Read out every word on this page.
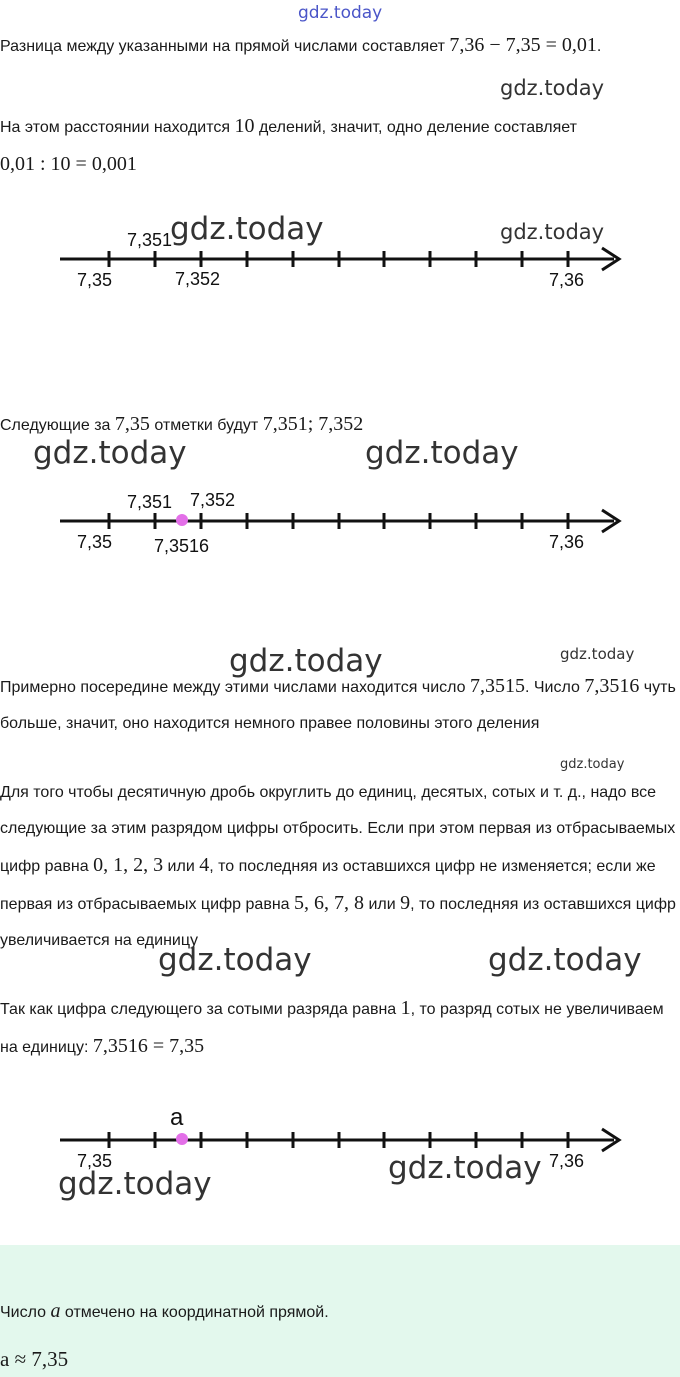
gdz.today
Разница между указанными на прямой числами составляет 7,36 − 7,35 = 0,01.
gdz.today
На этом расстоянии находится 10 делений, значит, одно деление составляет
0,01 : 10 = 0,001
7,35	7,352	7,36
7,351
gdz.today	gdz.today
Следующие за 7,35 отметки будут 7,351; 7,352
gdz.today	gdz.today
7,35 7,3516	7,36
7,351 7,352
gdz.today	gdz.today
Примерно посередине между этими числами находится число 7,3515. Число 7,3516 чуть больше, значит, оно находится немного правее половины этого деления
gdz.today
Для того чтобы десятичную дробь округлить до единиц, десятых, сотых и т. д., надо все следующие за этим разрядом цифры отбросить. Если при этом первая из отбрасываемых цифр равна 0, 1, 2, 3 или 4, то последняя из оставшихся цифр не изменяется; если же первая из отбрасываемых цифр равна 5, 6, 7, 8 или 9, то последняя из оставшихся цифр увеличивается на единицу
gdz.today	gdz.today
Так как цифра следующего за сотыми разряда равна 1, то разряд сотых не увеличиваем на единицу: 7,3516 = 7,35
7,35	7,36
a
gdz.today	gdz.today
Число a отмечено на координатной прямой.
a ≈ 7,35
